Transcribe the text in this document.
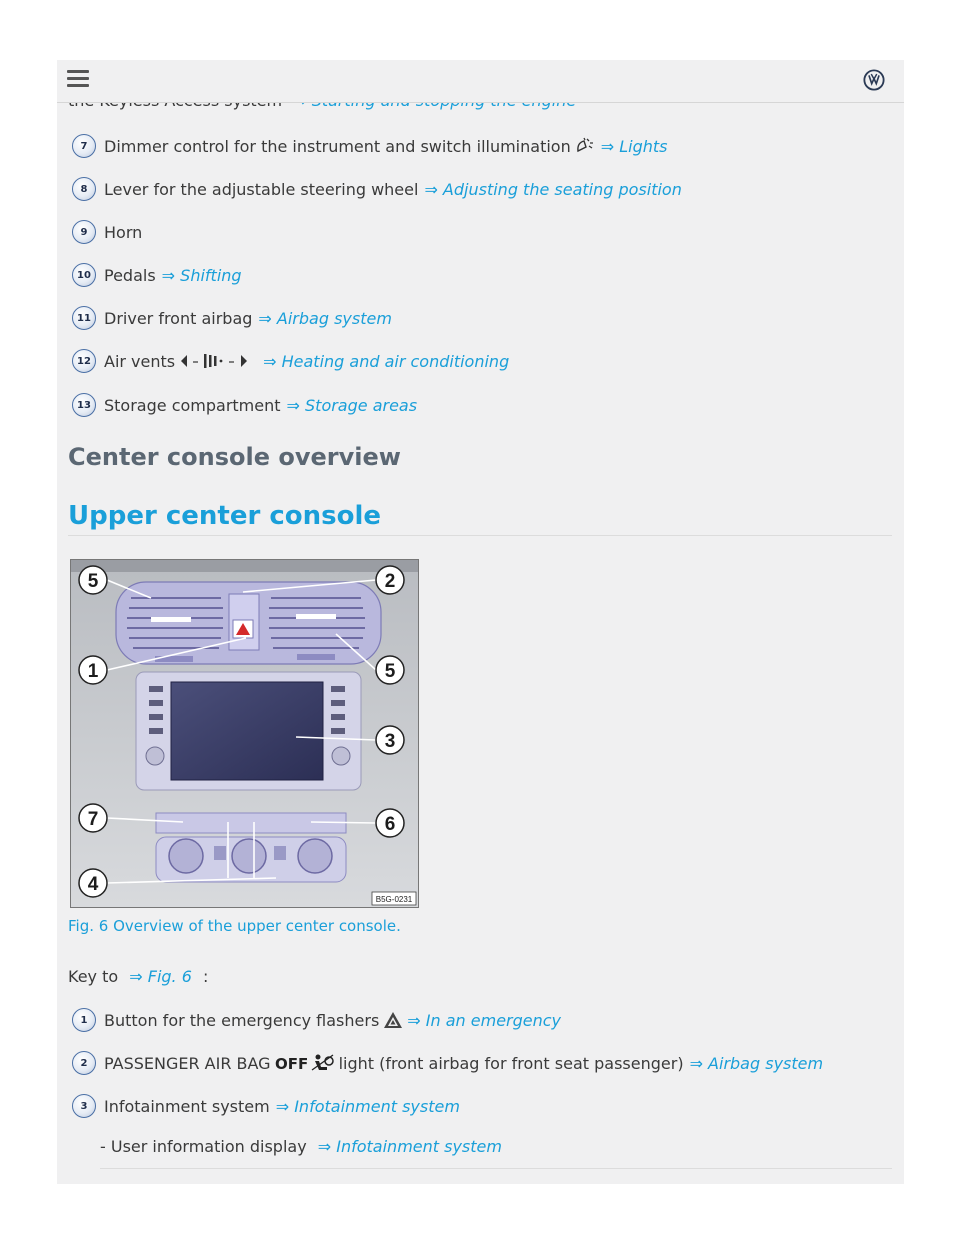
7	Dimmer control for the instrument and switch illumination ⇒ Lights
8	Lever for the adjustable steering wheel ⇒ Adjusting the seating position
9	Horn
10 Pedals ⇒ Shifting
11 Driver front airbag ⇒ Airbag system
12 Air vents	⇒ Heating and air conditioning
13 Storage compartment ⇒ Storage areas
Center console overview
Upper center console
5	2
1	5
3
7	6
4
B5G-0231
Fig. 6 Overview of the upper center console.
Key to ⇒ Fig. 6 :
1	Button for the emergency flashers ⇒ In an emergency
2	PASSENGER AIR BAG OFF light (front airbag for front seat passenger) ⇒ Airbag system
3	Infotainment system ⇒ Infotainment system
- User information display ⇒ Infotainment system
